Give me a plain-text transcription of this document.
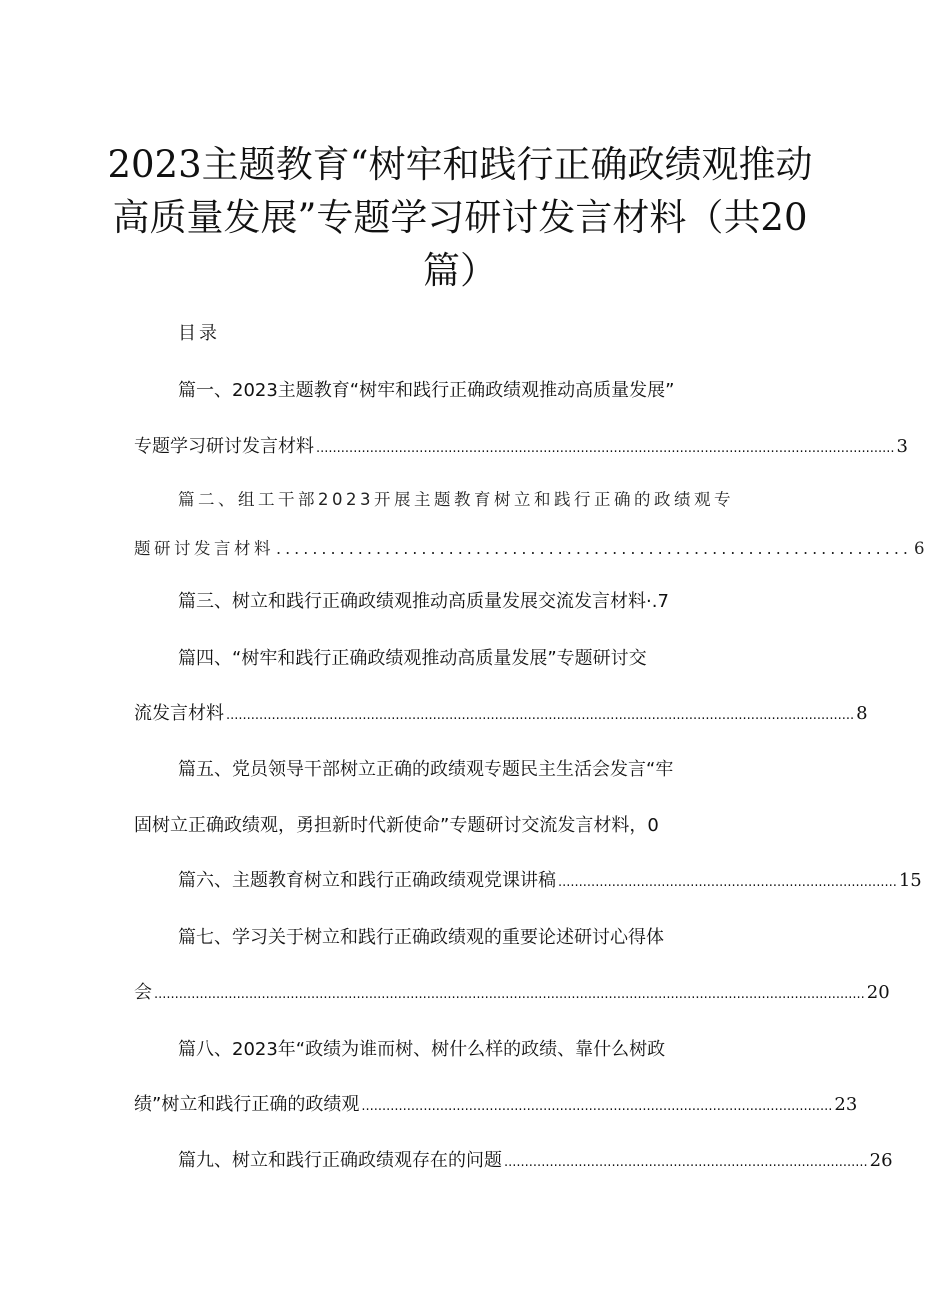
2023主题教育“树牢和践行正确政绩观推动
高质量发展”专题学习研讨发言材料（共20
篇）
目录
篇一、2023主题教育“树牢和践行正确政绩观推动高质量发展”
专题学习研讨发言材料 ............................................................................................................................................ 3
篇二、组工干部2023开展主题教育树立和践行正确的政绩观专
题研讨发言材料 ...................................................................... 6
篇三、树立和践行正确政绩观推动高质量发展交流发言材料·.7
篇四、“树牢和践行正确政绩观推动高质量发展”专题研讨交
流发言材料 ........................................................................................................................................................ 8
篇五、党员领导干部树立正确的政绩观专题民主生活会发言“牢
固树立正确政绩观，勇担新时代新使命”专题研讨交流发言材料，0
篇六、主题教育树立和践行正确政绩观党课讲稿 .................................................................................. 15
篇七、学习关于树立和践行正确政绩观的重要论述研讨心得体
会 ............................................................................................................................................................................ 20
篇八、2023年“政绩为谁而树、树什么样的政绩、靠什么树政
绩”树立和践行正确的政绩观 .................................................................................................................. 23
篇九、树立和践行正确政绩观存在的问题 ........................................................................................ 26
